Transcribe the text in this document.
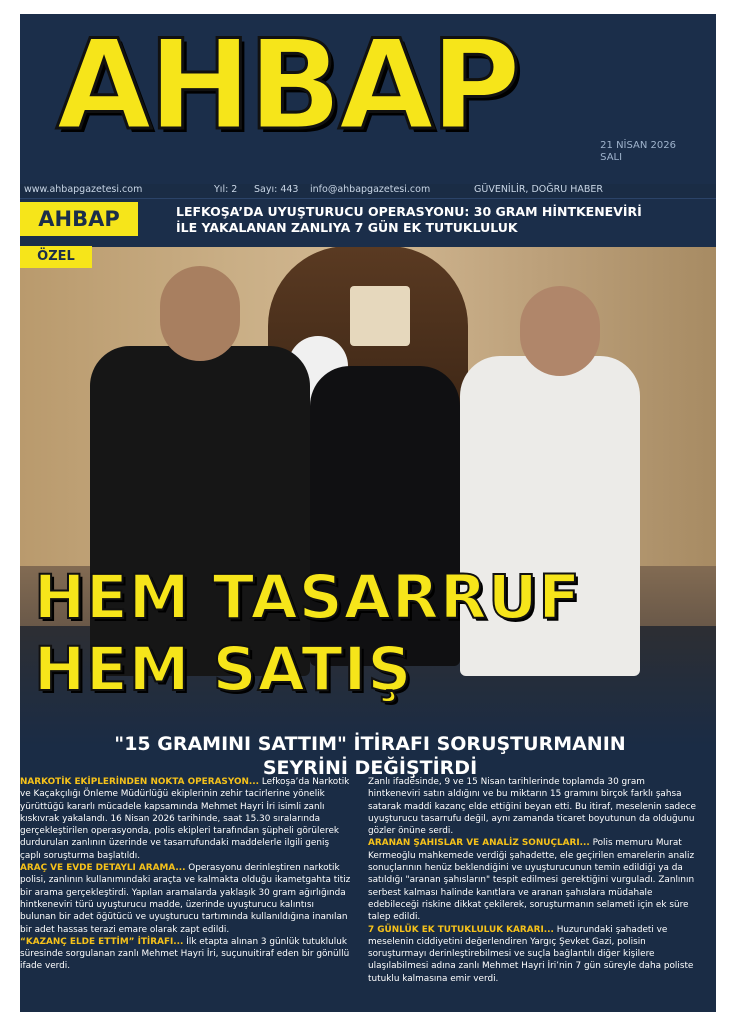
AHBAP	21 NİSAN 2026
SALI
www.ahbapgazetesi.com	Yıl: 2 Sayı: 443 info@ahbapgazetesi.com	GÜVENİLİR, DOĞRU HABER
AHBAP
ÖZEL
LEFKOŞA’DA UYUŞTURUCU OPERASYONU: 30 GRAM HİNTKENEVİRİ
İLE YAKALANAN ZANLIYA 7 GÜN EK TUTUKLULUK
HEM TASARRUF
HEM SATIŞ
"15 GRAMINI SATTIM" İTİRAFI SORUŞTURMANIN
SEYRİNİ DEĞİŞTİRDİ

NARKOTİK EKİPLERİNDEN NOKTA OPERASYON... Lefkoşa’da Narkotik ve Kaçakçılığı Önleme Müdürlüğü ekiplerinin zehir tacirlerine yönelik yürüttüğü kararlı mücadele kapsamında Mehmet Hayri İri isimli zanlı kıskıvrak yakalandı. 16 Nisan 2026 tarihinde, saat 15.30 sıralarında gerçekleştirilen operasyonda, polis ekipleri tarafından şüpheli görülerek durdurulan zanlının üzerinde ve tasarrufundaki maddelerle ilgili geniş çaplı soruşturma başlatıldı.

ARAÇ VE EVDE DETAYLI ARAMA... Operasyonu derinleştiren narkotik polisi, zanlının kullanımındaki araçta ve kalmakta olduğu ikametgahta titiz bir arama gerçekleştirdi. Yapılan aramalarda yaklaşık 30 gram ağırlığında hintkeneviri türü uyuşturucu madde, üzerinde uyuşturucu kalıntısı bulunan bir adet öğütücü ve uyuşturucu tartımında kullanıldığına inanılan bir adet hassas terazi emare olarak zapt edildi.

“KAZANÇ ELDE ETTİM” İTİRAFI... İlk etapta alınan 3 günlük tutukluluk süresinde sorgulanan zanlı Mehmet Hayri İri, suçunuitiraf eden bir gönüllü ifade verdi.

Zanlı ifadesinde, 9 ve 15 Nisan tarihlerinde toplamda 30 gram hintkeneviri satın aldığını ve bu miktarın 15 gramını birçok farklı şahsa satarak maddi kazanç elde ettiğini beyan etti. Bu itiraf, meselenin sadece uyuşturucu tasarrufu değil, aynı zamanda ticaret boyutunun da olduğunu gözler önüne serdi.

ARANAN ŞAHISLAR VE ANALİZ SONUÇLARI... Polis memuru Murat Kermeoğlu mahkemede verdiği şahadette, ele geçirilen emarelerin analiz sonuçlarının henüz beklendiğini ve uyuşturucunun temin edildiği ya da satıldığı "aranan şahısların" tespit edilmesi gerektiğini vurguladı. Zanlının serbest kalması halinde kanıtlara ve aranan şahıslara müdahale edebileceği riskine dikkat çekilerek, soruşturmanın selameti için ek süre talep edildi.

7 GÜNLÜK EK TUTUKLULUK KARARI... Huzurundaki şahadeti ve meselenin ciddiyetini değerlendiren Yargıç Şevket Gazi, polisin soruşturmayı derinleştirebilmesi ve suçla bağlantılı diğer kişilere ulaşılabilmesi adına zanlı Mehmet Hayri İri’nin 7 gün süreyle daha poliste tutuklu kalmasına emir verdi.
